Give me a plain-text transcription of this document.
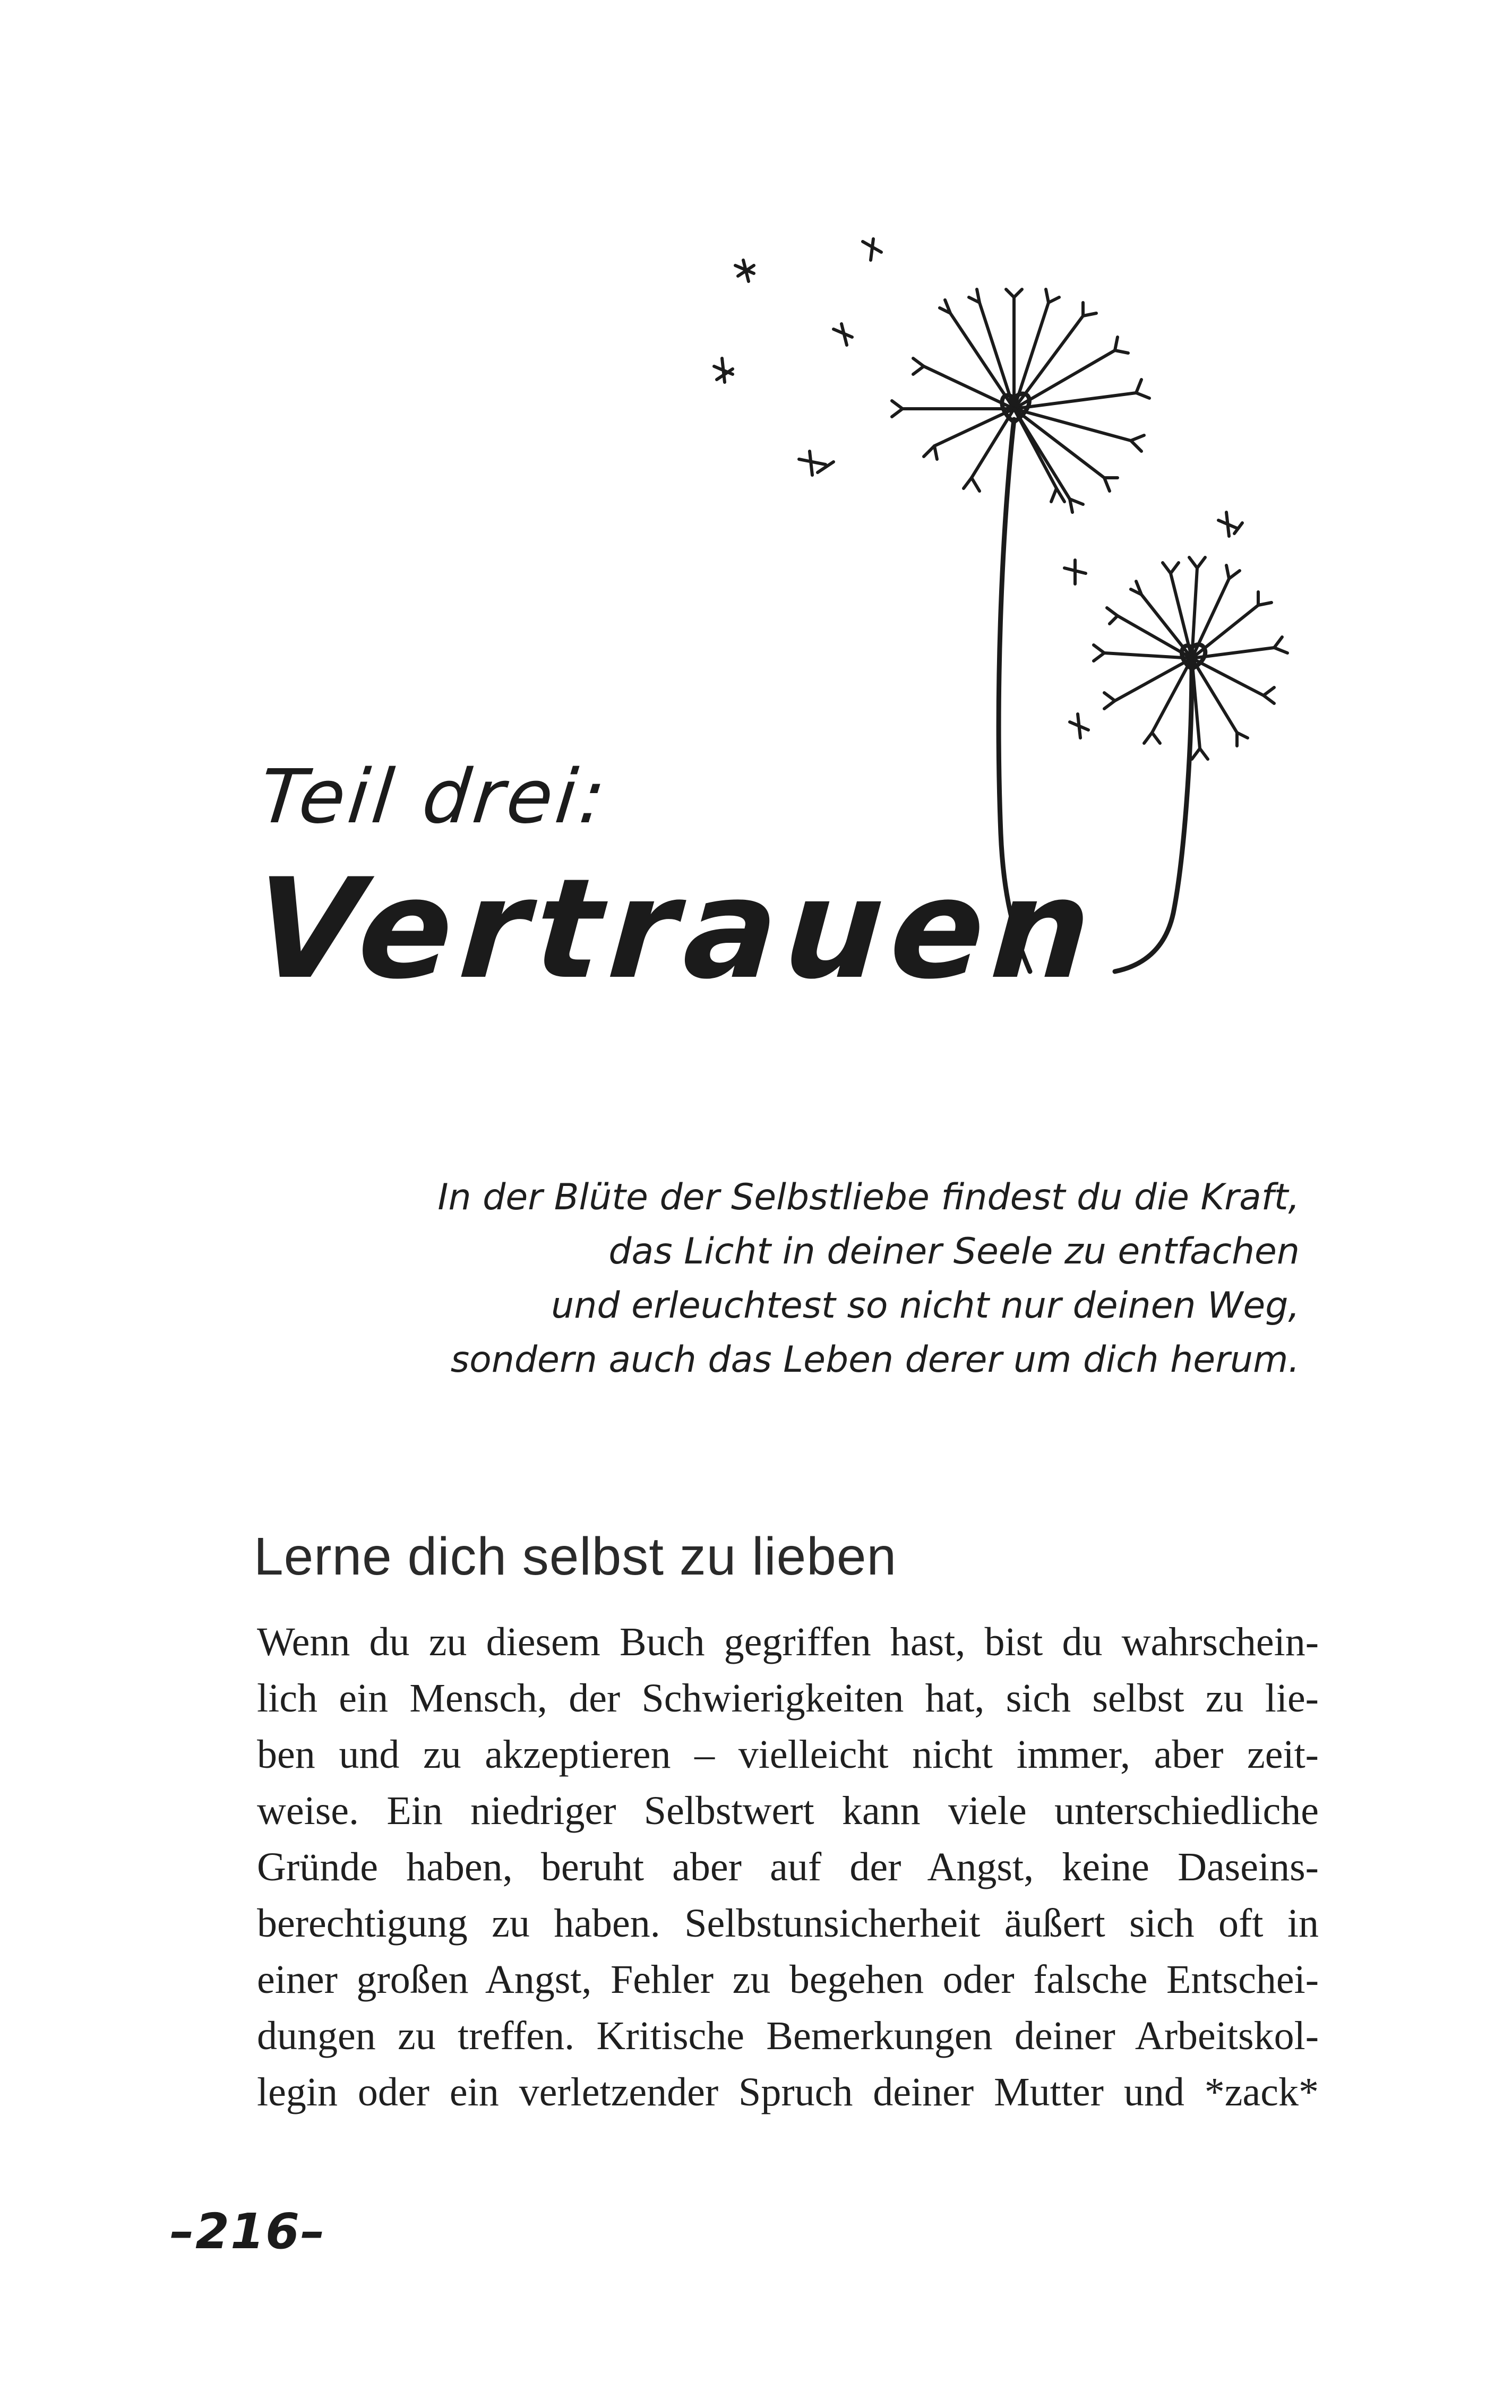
Teil drei:
Vertrauen
In der Blüte der Selbstliebe findest du die Kraft,
das Licht in deiner Seele zu entfachen
und erleuchtest so nicht nur deinen Weg,
sondern auch das Leben derer um dich herum.
Lerne dich selbst zu lieben
Wenn du zu diesem Buch gegriffen hast, bist du wahrschein-
lich ein Mensch, der Schwierigkeiten hat, sich selbst zu lie-
ben und zu akzeptieren – vielleicht nicht immer, aber zeit-
weise. Ein niedriger Selbstwert kann viele unterschiedliche
Gründe haben, beruht aber auf der Angst, keine Daseins-
berechtigung zu haben. Selbstunsicherheit äußert sich oft in
einer großen Angst, Fehler zu begehen oder falsche Entschei-
dungen zu treffen. Kritische Bemerkungen deiner Arbeitskol-
legin oder ein verletzender Spruch deiner Mutter und *zack*
–216–
